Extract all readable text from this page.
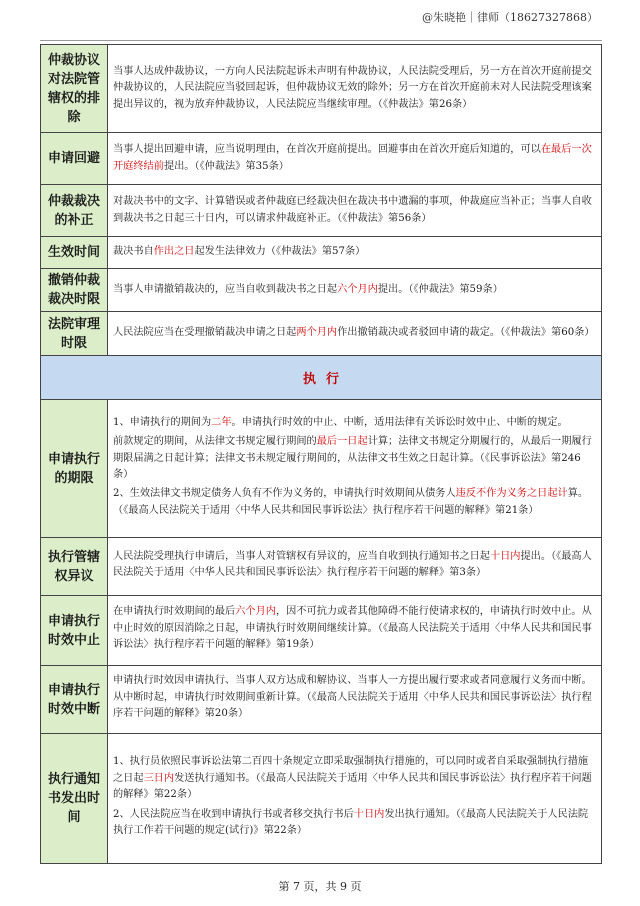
@朱晓艳｜律师（18627327868）
仲裁协议对法院管辖权的排除	当事人达成仲裁协议，一方向人民法院起诉未声明有仲裁协议，人民法院受理后，另一方在首次开庭前提交仲裁协议的，人民法院应当驳回起诉，但仲裁协议无效的除外；另一方在首次开庭前未对人民法院受理该案提出异议的，视为放弃仲裁协议，人民法院应当继续审理。（《仲裁法》第26条）
申请回避	当事人提出回避申请，应当说明理由，在首次开庭前提出。回避事由在首次开庭后知道的，可以在最后一次开庭终结前提出。（《仲裁法》第35条）
仲裁裁决的补正	对裁决书中的文字、计算错误或者仲裁庭已经裁决但在裁决书中遗漏的事项，仲裁庭应当补正；当事人自收到裁决书之日起三十日内，可以请求仲裁庭补正。（《仲裁法》第56条）
生效时间	裁决书自作出之日起发生法律效力（《仲裁法》第57条）
撤销仲裁裁决时限	当事人申请撤销裁决的，应当自收到裁决书之日起六个月内提出。（《仲裁法》第59条）
法院审理时限	人民法院应当在受理撤销裁决申请之日起两个月内作出撤销裁决或者驳回申请的裁定。（《仲裁法》第60条）
执行	
申请执行的期限	1、申请执行的期间为二年。申请执行时效的中止、中断，适用法律有关诉讼时效中止、中断的规定。
前款规定的期间，从法律文书规定履行期间的最后一日起计算；法律文书规定分期履行的，从最后一期履行期限届满之日起计算；法律文书未规定履行期间的，从法律文书生效之日起计算。（《民事诉讼法》第246条）
2、生效法律文书规定债务人负有不作为义务的，申请执行时效期间从债务人违反不作为义务之日起计算。（《最高人民法院关于适用〈中华人民共和国民事诉讼法〉执行程序若干问题的解释》第21条）

执行管辖权异议	人民法院受理执行申请后，当事人对管辖权有异议的，应当自收到执行通知书之日起十日内提出。（《最高人民法院关于适用〈中华人民共和国民事诉讼法〉执行程序若干问题的解释》第3条）

申请执行时效中止	在申请执行时效期间的最后六个月内，因不可抗力或者其他障碍不能行使请求权的，申请执行时效中止。从中止时效的原因消除之日起，申请执行时效期间继续计算。（《最高人民法院关于适用〈中华人民共和国民事诉讼法〉执行程序若干问题的解释》第19条）

申请执行时效中断	申请执行时效因申请执行、当事人双方达成和解协议、当事人一方提出履行要求或者同意履行义务而中断。从中断时起，申请执行时效期间重新计算。（《最高人民法院关于适用〈中华人民共和国民事诉讼法〉执行程序若干问题的解释》第20条）

执行通知书发出时间	1、执行员依照民事诉讼法第二百四十条规定立即采取强制执行措施的，可以同时或者自采取强制执行措施之日起三日内发送执行通知书。（《最高人民法院关于适用〈中华人民共和国民事诉讼法〉执行程序若干问题的解释》第22条）
2、人民法院应当在收到申请执行书或者移交执行书后十日内发出执行通知。（《最高人民法院关于人民法院执行工作若干问题的规定(试行)》第22条）
第 7 页，共 9 页
